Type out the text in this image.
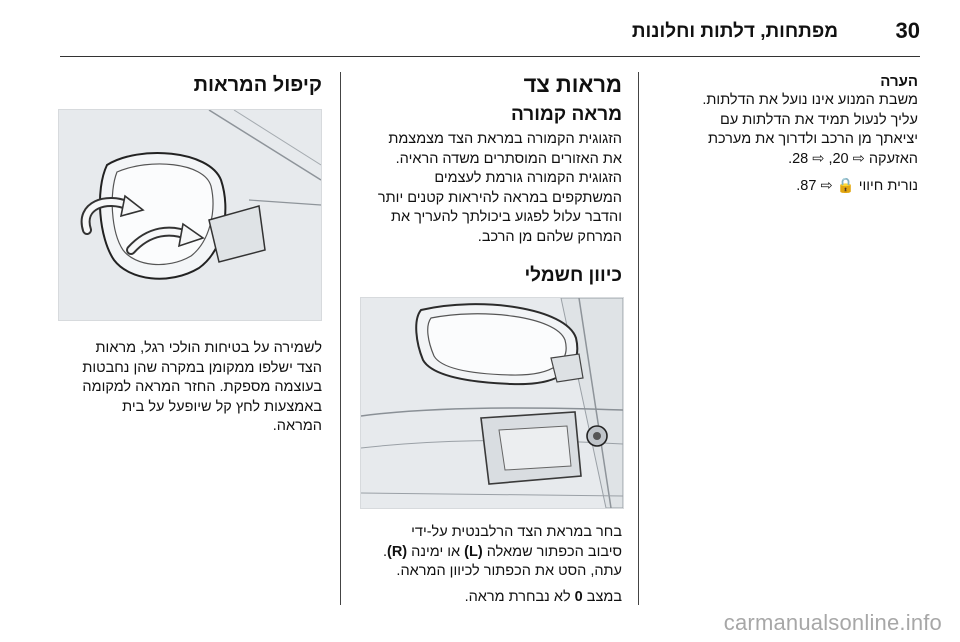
30
מפתחות, דלתות וחלונות

הערה

משבת המנוע אינו נועל את הדלתות.

עליך לנעול תמיד את הדלתות עם

יציאתך מן הרכב ולדרוך את מערכת

האזעקה ⇨ 20, ⇨ 28.

נורית חיווי 🔒 ⇨ 87.

מראות צד

מראה קמורה

הזגוגית הקמורה במראת הצד מצמצמת

את האזורים המוסתרים משדה הראיה.

הזגוגית הקמורה גורמת לעצמים

המשתקפים במראה להיראות קטנים יותר

והדבר עלול לפגוע ביכולתך להעריך את

המרחק שלהם מן הרכב.

כיוון חשמלי

בחר במראת הצד הרלבנטית על-ידי

סיבוב הכפתור שמאלה (L) או ימינה (R).

עתה, הסט את הכפתור לכיוון המראה.

במצב 0 לא נבחרת מראה.

קיפול המראות

לשמירה על בטיחות הולכי רגל, מראות

הצד ישלפו ממקומן במקרה שהן נחבטות

בעוצמה מספקת. החזר המראה למקומה

באמצעות לחץ קל שיופעל על בית

המראה.

carmanualsonline.info
